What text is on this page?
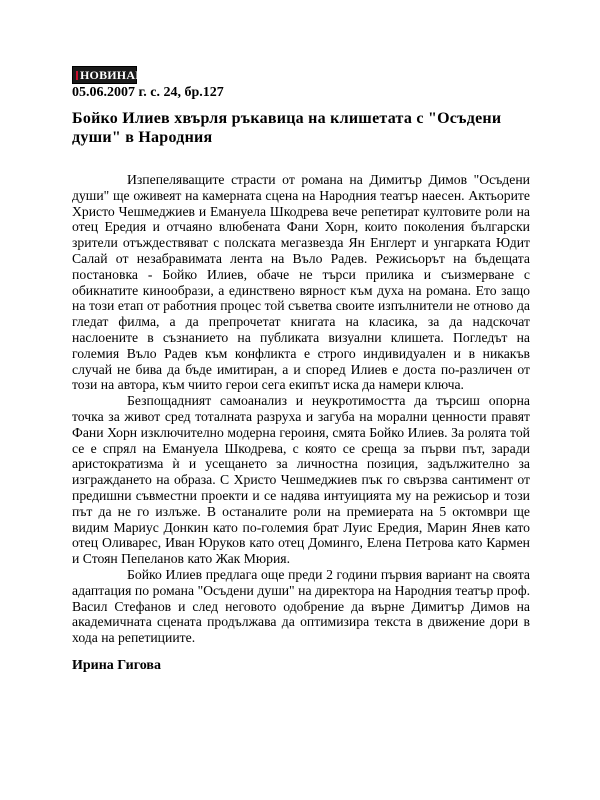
НОВИНАР
05.06.2007 г. с. 24, бр.127
Бойко Илиев хвърля ръкавица на клишетата с "Осъдени души" в Народния

Изпепеляващите страсти от романа на Димитър Димов "Осъдени души" ще оживеят на камерната сцена на Народния театър наесен. Актьорите Христо Чешмеджиев и Емануела Шкодрева вече репетират култовите роли на отец Ередия и отчаяно влюбената Фани Хорн, които поколения български зрители отъждествяват с полската мегазвезда Ян Енглерт и унгарката Юдит Салай от незабравимата лента на Въло Радев. Режисьорът на бъдещата постановка - Бойко Илиев, обаче не търси прилика и съизмерване с обикнатите кинообрази, а единствено вярност към духа на романа. Ето защо на този етап от работния процес той съветва своите изпълнители не отново да гледат филма, а да препрочетат книгата на класика, за да надскочат наслоените в съзнанието на публиката визуални клишета. Погледът на големия Въло Радев към конфликта е строго индивидуален и в никакъв случай не бива да бъде имитиран, а и според Илиев е доста по-различен от този на автора, към чиито герои сега екипът иска да намери ключа.

Безпощадният самоанализ и неукротимостта да търсиш опорна точка за живот сред тоталната разруха и загуба на морални ценности правят Фани Хорн изключително модерна героиня, смята Бойко Илиев. За ролята той се е спрял на Емануела Шкодрева, с която се среща за първи път, заради аристократизма ѝ и усещането за личностна позиция, задължително за изграждането на образа. С Христо Чешмеджиев пък го свързва сантимент от предишни съвместни проекти и се надява интуицията му на режисьор и този път да не го излъже. В останалите роли на премиерата на 5 октомври ще видим Мариус Донкин като по-големия брат Луис Ередия, Марин Янев като отец Оливарес, Иван Юруков като отец Доминго, Елена Петрова като Кармен и Стоян Пепеланов като Жак Мюрия.

Бойко Илиев предлага още преди 2 години първия вариант на своята адаптация по романа "Осъдени души" на директора на Народния театър проф. Васил Стефанов и след неговото одобрение да върне Димитър Димов на академичната сцената продължава да оптимизира текста в движение дори в хода на репетициите.

Ирина Гигова
